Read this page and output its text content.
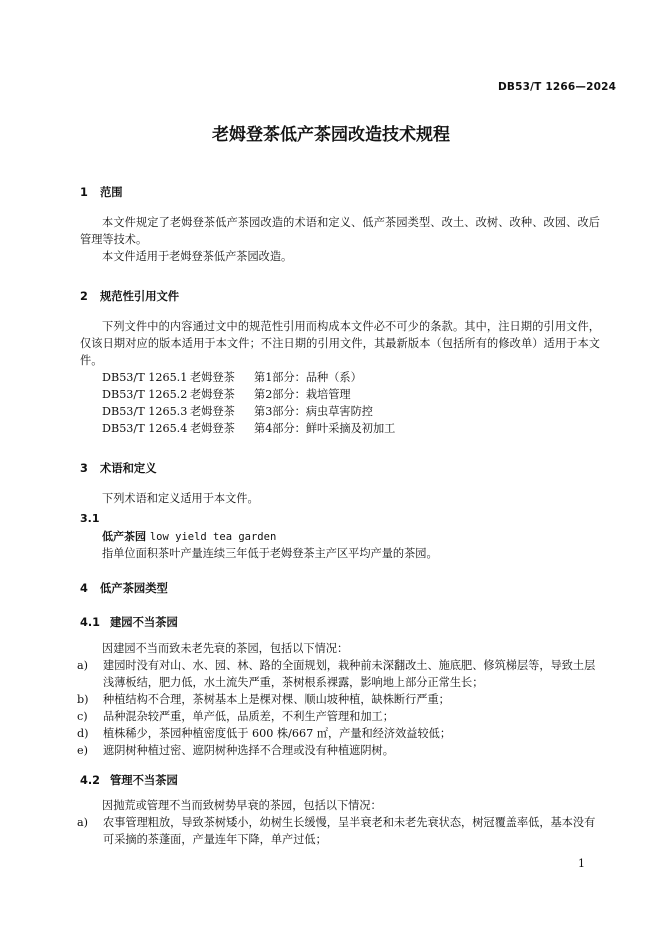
DB53/T 1266—2024
老姆登茶低产茶园改造技术规程
1 范围
本文件规定了老姆登茶低产茶园改造的术语和定义、低产茶园类型、改土、改树、改种、改园、改后管理等技术。
本文件适用于老姆登茶低产茶园改造。
2 规范性引用文件
下列文件中的内容通过文中的规范性引用而构成本文件必不可少的条款。其中，注日期的引用文件，仅该日期对应的版本适用于本文件；不注日期的引用文件，其最新版本（包括所有的修改单）适用于本文件。
DB53/T 1265.1 老姆登茶 第1部分：品种（系）
DB53/T 1265.2 老姆登茶 第2部分：栽培管理
DB53/T 1265.3 老姆登茶 第3部分：病虫草害防控
DB53/T 1265.4 老姆登茶 第4部分：鲜叶采摘及初加工
3 术语和定义
下列术语和定义适用于本文件。
3.1
低产茶园 low yield tea garden
指单位面积茶叶产量连续三年低于老姆登茶主产区平均产量的茶园。
4 低产茶园类型
4.1 建园不当茶园
因建园不当而致未老先衰的茶园，包括以下情况：
a) 建园时没有对山、水、园、林、路的全面规划，栽种前未深翻改土、施底肥、修筑梯层等，导致土层浅薄板结，肥力低，水土流失严重，茶树根系裸露，影响地上部分正常生长；
b) 种植结构不合理，茶树基本上是棵对棵、顺山坡种植，缺株断行严重；
c) 品种混杂较严重，单产低，品质差，不利生产管理和加工；
d) 植株稀少，茶园种植密度低于 600 株/667 ㎡，产量和经济效益较低；
e) 遮阴树种植过密、遮阴树种选择不合理或没有种植遮阴树。
4.2 管理不当茶园
因抛荒或管理不当而致树势早衰的茶园，包括以下情况：
a) 农事管理粗放，导致茶树矮小，幼树生长缓慢，呈半衰老和未老先衰状态，树冠覆盖率低，基本没有可采摘的茶蓬面，产量连年下降，单产过低；
1
